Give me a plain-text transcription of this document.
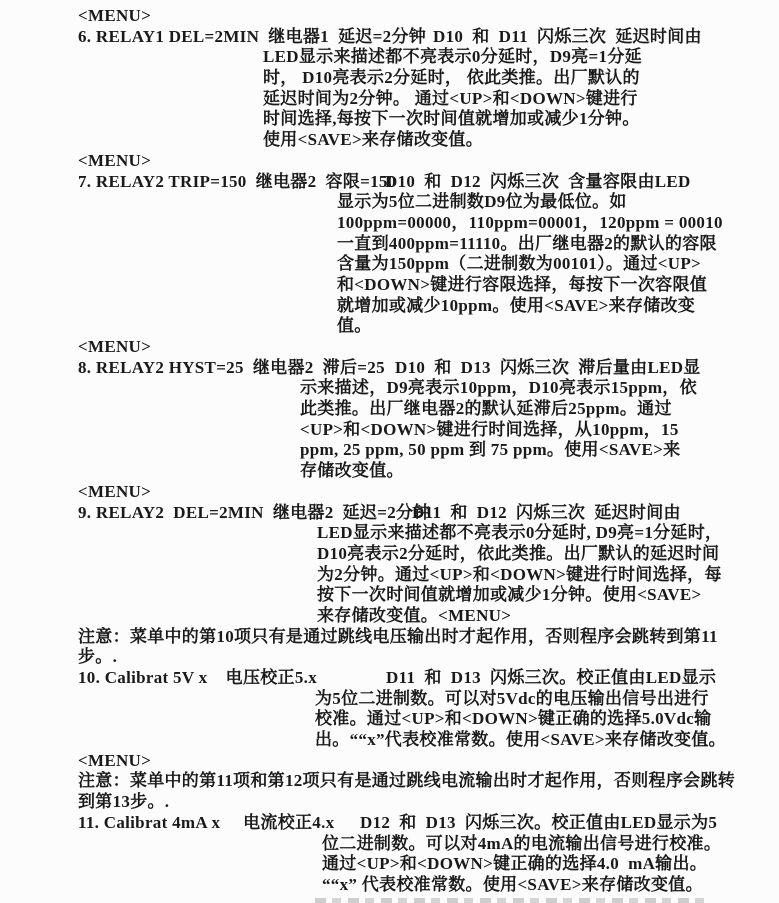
<MENU>
6. RELAY1 DEL=2MIN  继电器1  延迟=2分钟 D10  和  D11  闪烁三次  延迟时间由
LED显示来描述都不亮表示0分延时，D9亮=1分延
时， D10亮表示2分延时， 依此类推。出厂默认的
延迟时间为2分钟。 通过<UP>和<DOWN>键进行
时间选择,每按下一次时间值就增加或减少1分钟。
使用<SAVE>来存储改变值。
<MENU>
7. RELAY2 TRIP=150  继电器2  容限=150
D10  和  D12  闪烁三次  含量容限由LED
显示为5位二进制数D9位为最低位。如
100ppm=00000，110ppm=00001，120ppm = 00010
一直到400ppm=11110。出厂继电器2的默认的容限
含量为150ppm（二进制数为00101）。通过<UP>
和<DOWN>键进行容限选择，每按下一次容限值
就增加或减少10ppm。使用<SAVE>来存储改变
值。
<MENU>
8. RELAY2 HYST=25  继电器2  滞后=25 D10  和  D13  闪烁三次  滞后量由LED显
示来描述，D9亮表示10ppm，D10亮表示15ppm，依
此类推。出厂继电器2的默认延滞后25ppm。通过
<UP>和<DOWN>键进行时间选择，从10ppm，15
ppm, 25 ppm, 50 ppm 到 75 ppm。使用<SAVE>来
存储改变值。
<MENU>
9. RELAY2  DEL=2MIN  继电器2  延迟=2分钟
D11  和  D12  闪烁三次  延迟时间由
LED显示来描述都不亮表示0分延时, D9亮=1分延时，
D10亮表示2分延时，依此类推。出厂默认的延迟时间
为2分钟。通过<UP>和<DOWN>键进行时间选择，每
按下一次时间值就增加或减少1分钟。使用<SAVE>
来存储改变值。<MENU>
注意：菜单中的第10项只有是通过跳线电压输出时才起作用，否则程序会跳转到第11
步。.
10. Calibrat 5V x    电压校正5.x	D11  和  D13  闪烁三次。校正值由LED显示
为5位二进制数。可以对5Vdc的电压输出信号出进行
校准。通过<UP>和<DOWN>键正确的选择5.0Vdc输
出。““x”代表校准常数。使用<SAVE>来存储改变值。
<MENU>
注意：菜单中的第11项和第12项只有是通过跳线电流输出时才起作用，否则程序会跳转
到第13步。.
11. Calibrat 4mA x     电流校正4.x D12  和  D13  闪烁三次。校正值由LED显示为5
位二进制数。可以对4mA的电流输出信号进行校准。
通过<UP>和<DOWN>键正确的选择4.0  mA输出。
““x” 代表校准常数。使用<SAVE>来存储改变值。
